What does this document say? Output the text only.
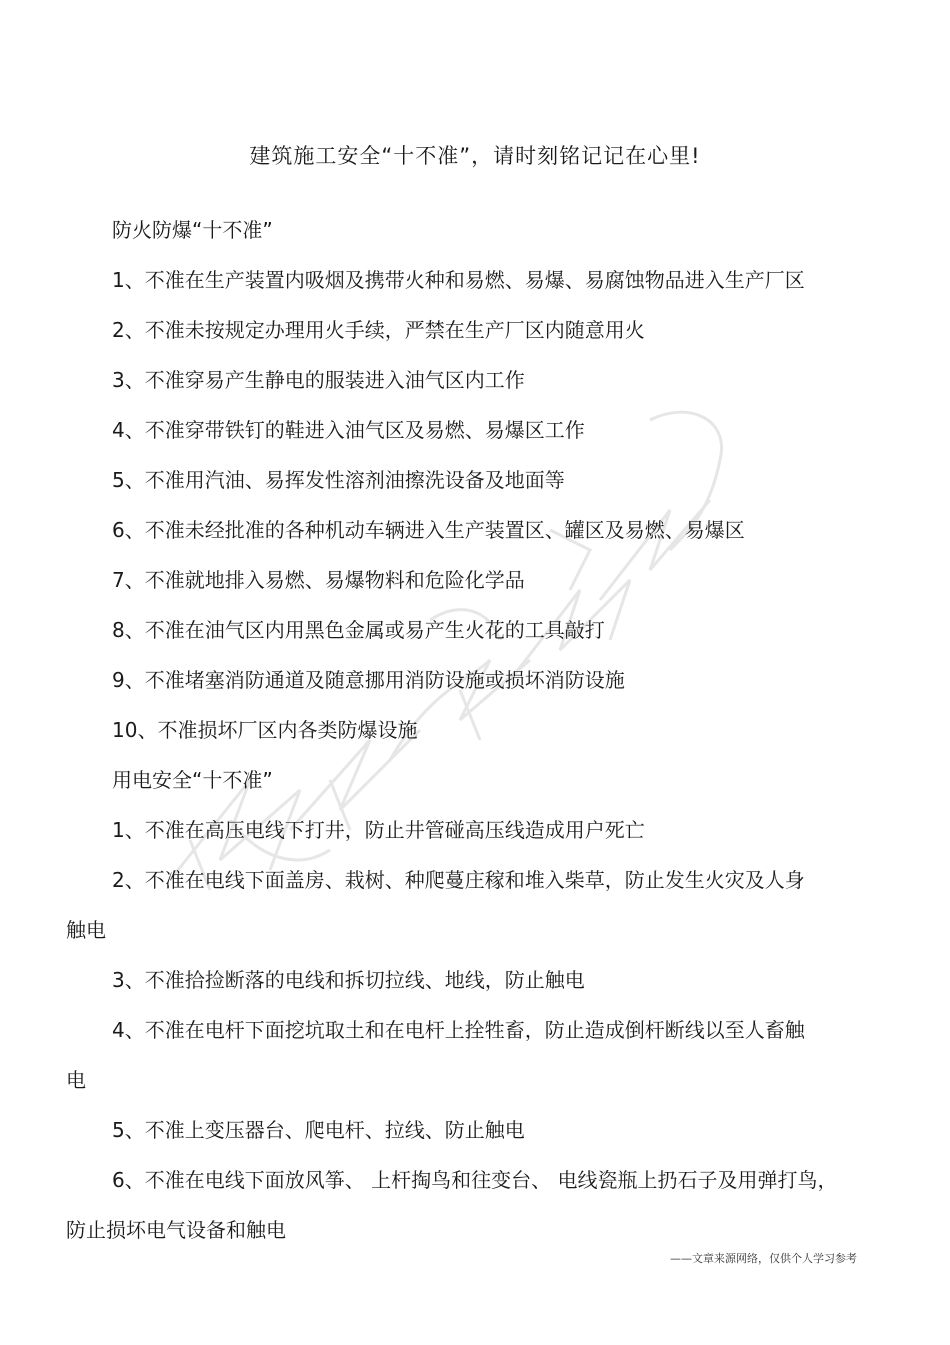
建筑施工安全“十不准”，请时刻铭记记在心里!
防火防爆“十不准”
1、不准在生产装置内吸烟及携带火种和易燃、易爆、易腐蚀物品进入生产厂区
2、不准未按规定办理用火手续，严禁在生产厂区内随意用火
3、不准穿易产生静电的服装进入油气区内工作
4、不准穿带铁钉的鞋进入油气区及易燃、易爆区工作
5、不准用汽油、易挥发性溶剂油擦洗设备及地面等
6、不准未经批准的各种机动车辆进入生产装置区、罐区及易燃、易爆区
7、不准就地排入易燃、易爆物料和危险化学品
8、不准在油气区内用黑色金属或易产生火花的工具敲打
9、不准堵塞消防通道及随意挪用消防设施或损坏消防设施
10、不准损坏厂区内各类防爆设施
用电安全“十不准”
1、不准在高压电线下打井，防止井管碰高压线造成用户死亡
2、不准在电线下面盖房、栽树、种爬蔓庄稼和堆入柴草，防止发生火灾及人身
触电
3、不准拾捡断落的电线和拆切拉线、地线，防止触电
4、不准在电杆下面挖坑取土和在电杆上拴牲畜，防止造成倒杆断线以至人畜触
电
5、不准上变压器台、爬电杆、拉线、防止触电
6、不准在电线下面放风筝、 上杆掏鸟和往变台、 电线瓷瓶上扔石子及用弹打鸟，
防止损坏电气设备和触电
——文章来源网络，仅供个人学习参考
